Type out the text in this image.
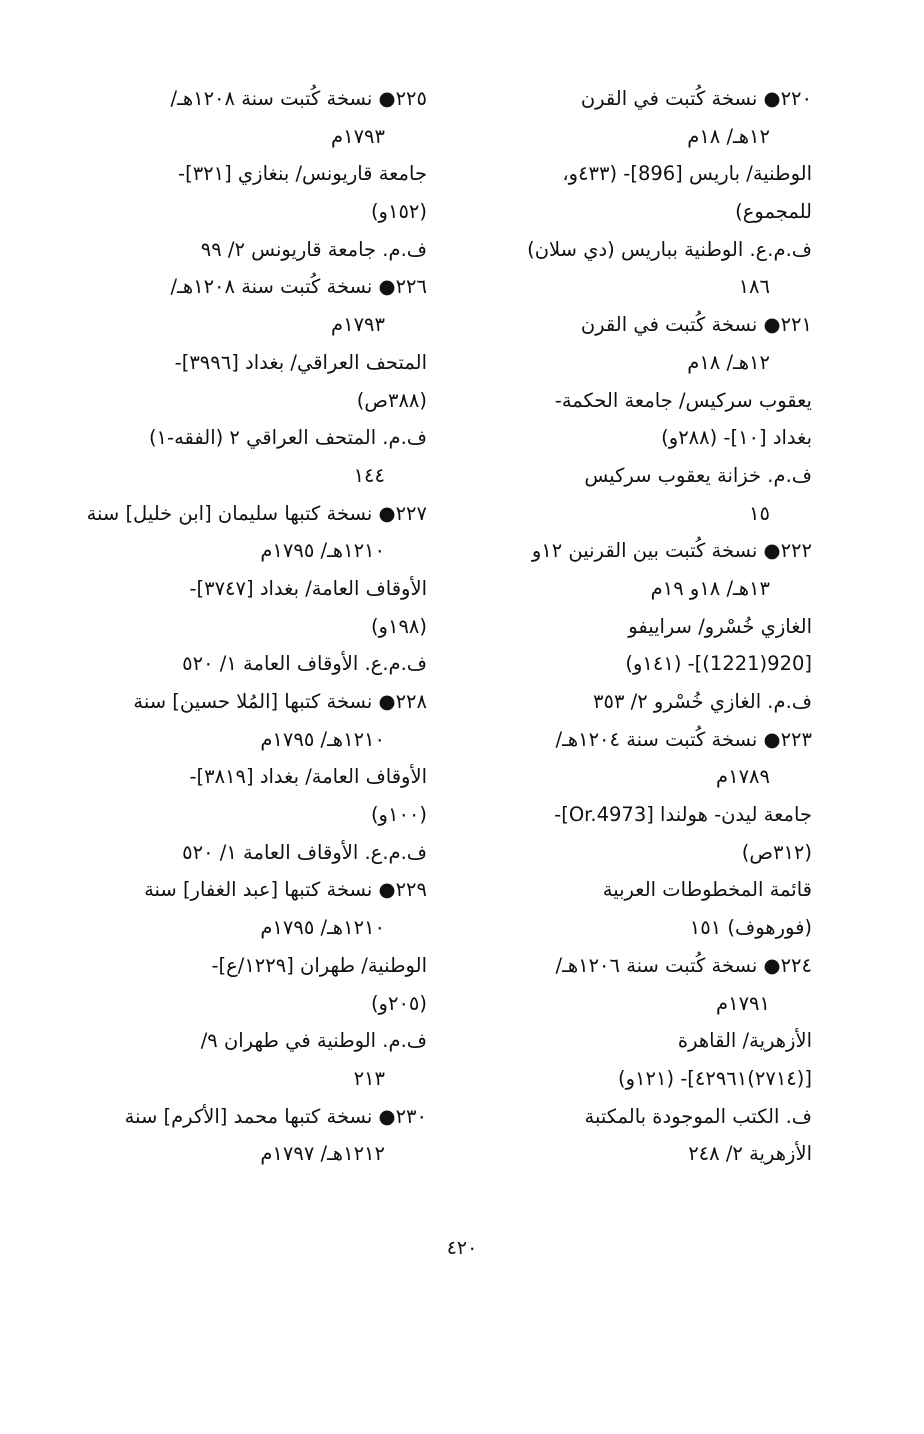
٢٢٠● نسخة كُتبت في القرن
١٢هـ/ ١٨م
الوطنية/ باريس [896]- (٤٣٣و،
للمجموع)
ف.م.ع. الوطنية بباريس (دي سلان)
١٨٦
٢٢١● نسخة كُتبت في القرن
١٢هـ/ ١٨م
يعقوب سركيس/ جامعة الحكمة-
بغداد [١٠]- (٢٨٨و)
ف.م. خزانة يعقوب سركيس
١٥
٢٢٢● نسخة كُتبت بين القرنين ١٢و
١٣هـ/ ١٨و ١٩م
الغازي خُسْرو/ سراييفو
[920(1221)]- (١٤١و)
ف.م. الغازي خُسْرو ٢/ ٣٥٣
٢٢٣● نسخة كُتبت سنة ١٢٠٤هـ/
١٧٨٩م
جامعة ليدن- هولندا [Or.4973]-
(٣١٢ص)
قائمة المخطوطات العربية
(فورهوف) ١٥١
٢٢٤● نسخة كُتبت سنة ١٢٠٦هـ/
١٧٩١م
الأزهرية/ القاهرة
[(٢٧١٤)٤٢٩٦١]- (١٢١و)
ف. الكتب الموجودة بالمكتبة
الأزهرية ٢/ ٢٤٨
٢٢٥● نسخة كُتبت سنة ١٢٠٨هـ/
١٧٩٣م
جامعة قاريونس/ بنغازي [٣٢١]-
(١٥٢و)
ف.م. جامعة قاريونس ٢/ ٩٩
٢٢٦● نسخة كُتبت سنة ١٢٠٨هـ/
١٧٩٣م
المتحف العراقي/ بغداد [٣٩٩٦]-
(٣٨٨ص)
ف.م. المتحف العراقي ٢ (الفقه-١)
١٤٤
٢٢٧● نسخة كتبها سليمان [ابن خليل] سنة
١٢١٠هـ/ ١٧٩٥م
الأوقاف العامة/ بغداد [٣٧٤٧]-
(١٩٨و)
ف.م.ع. الأوقاف العامة ١/ ٥٢٠
٢٢٨● نسخة كتبها [المُلا حسين] سنة
١٢١٠هـ/ ١٧٩٥م
الأوقاف العامة/ بغداد [٣٨١٩]-
(١٠٠و)
ف.م.ع. الأوقاف العامة ١/ ٥٢٠
٢٢٩● نسخة كتبها [عبد الغفار] سنة
١٢١٠هـ/ ١٧٩٥م
الوطنية/ طهران [١٢٢٩/ع]-
(٢٠٥و)
ف.م. الوطنية في طهران ٩/
٢١٣
٢٣٠● نسخة كتبها محمد [الأكرم] سنة
١٢١٢هـ/ ١٧٩٧م
٤٢٠
